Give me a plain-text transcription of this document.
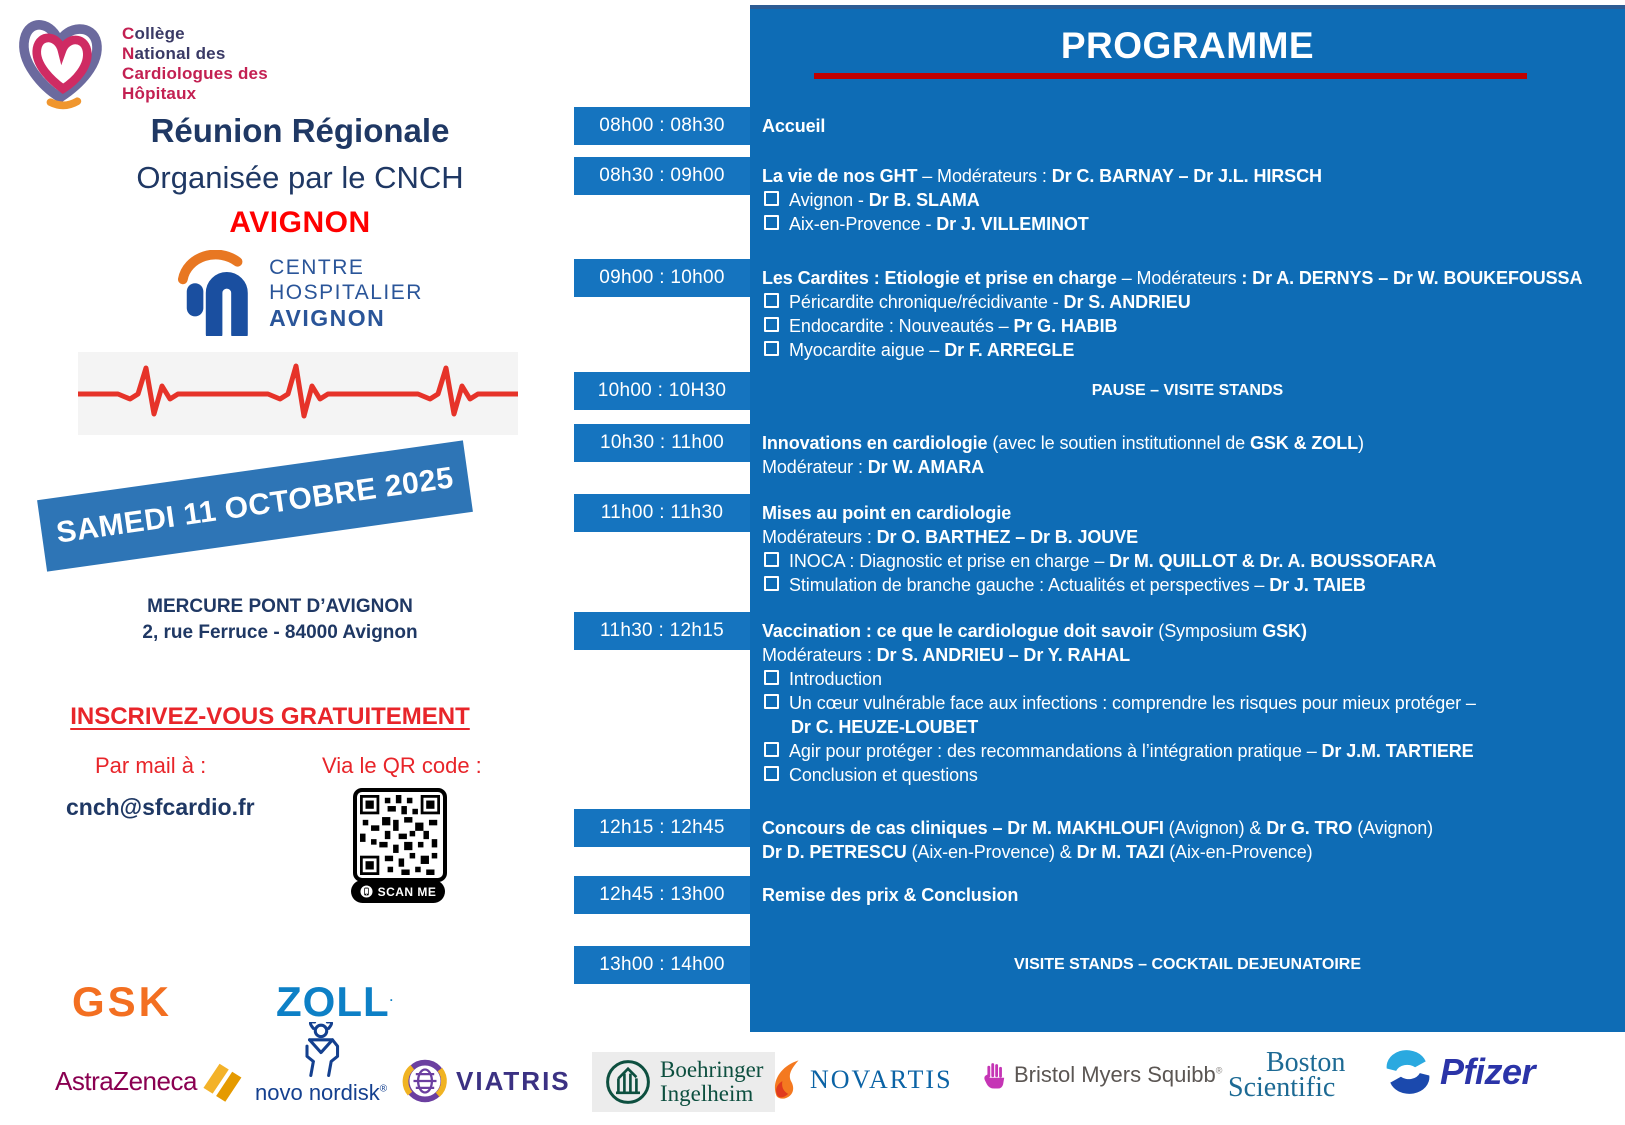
Collège
National des
Cardiologues des
Hôpitaux
Réunion Régionale
Organisée par le CNCH
AVIGNON
CENTRE
HOSPITALIER
AVIGNON
SAMEDI 11 OCTOBRE 2025
MERCURE PONT D’AVIGNON
2, rue Ferruce - 84000 Avignon
INSCRIVEZ-VOUS GRATUITEMENT
Par mail à :	Via le QR code :
cnch@sfcardio.fr
SCAN ME
GSK ZOLL.
PROGRAMME
08h00 : 08h30	Accueil
08h30 : 09h00	La vie de nos GHT – Modérateurs : Dr C. BARNAY – Dr J.L. HIRSCH
Avignon - Dr B. SLAMA
Aix-en-Provence - Dr J. VILLEMINOT
09h00 : 10h00	Les Cardites : Etiologie et prise en charge – Modérateurs : Dr A. DERNYS – Dr W. BOUKEFOUSSA
Péricardite chronique/récidivante - Dr S. ANDRIEU
Endocardite : Nouveautés – Pr G. HABIB
Myocardite aigue – Dr F. ARREGLE
10h00 : 10H30	PAUSE – VISITE STANDS
10h30 : 11h00	Innovations en cardiologie (avec le soutien institutionnel de GSK & ZOLL)
Modérateur : Dr W. AMARA
11h00 : 11h30	Mises au point en cardiologie
Modérateurs : Dr O. BARTHEZ – Dr B. JOUVE
INOCA : Diagnostic et prise en charge – Dr M. QUILLOT & Dr. A. BOUSSOFARA
Stimulation de branche gauche : Actualités et perspectives – Dr J. TAIEB
11h30 : 12h15	Vaccination : ce que le cardiologue doit savoir (Symposium GSK)
Modérateurs : Dr S. ANDRIEU – Dr Y. RAHAL
Introduction
Un cœur vulnérable face aux infections : comprendre les risques pour mieux protéger –
Dr C. HEUZE-LOUBET
Agir pour protéger : des recommandations à l’intégration pratique – Dr J.M. TARTIERE
Conclusion et questions
12h15 : 12h45	Concours de cas cliniques – Dr M. MAKHLOUFI (Avignon) & Dr G. TRO (Avignon)
Dr D. PETRESCU (Aix-en-Provence) & Dr M. TAZI (Aix-en-Provence)
12h45 : 13h00	Remise des prix & Conclusion
13h00 : 14h00	VISITE STANDS – COCKTAIL DEJEUNATOIRE
AstraZeneca	novo nordisk®	VIATRIS	Boehringer
Ingelheim	NOVARTIS	Bristol Myers Squibb® Boston
Scientific	Pfizer
